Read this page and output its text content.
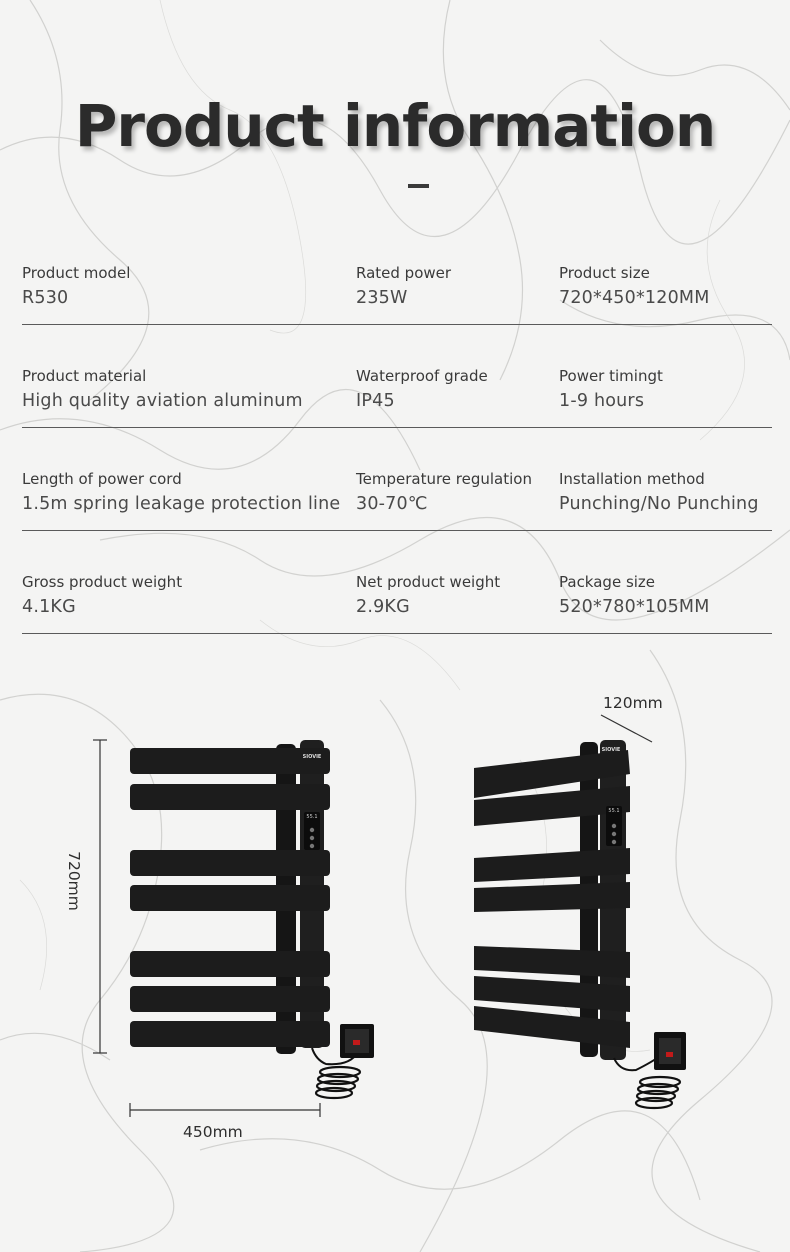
Product information
Product model
R530
Rated power
235W
Product size
720*450*120MM
Product material
High quality aviation aluminum
Waterproof grade
IP45
Power timingt
1-9 hours
Length of power cord
1.5m spring leakage protection line
Temperature regulation
30-70℃
Installation method
Punching/No Punching
Gross product weight
4.1KG
Net product weight
2.9KG
Package size
520*780*105MM
SIOVIE
SIOVIE
55.1
55.1
720mm
450mm
120mm
